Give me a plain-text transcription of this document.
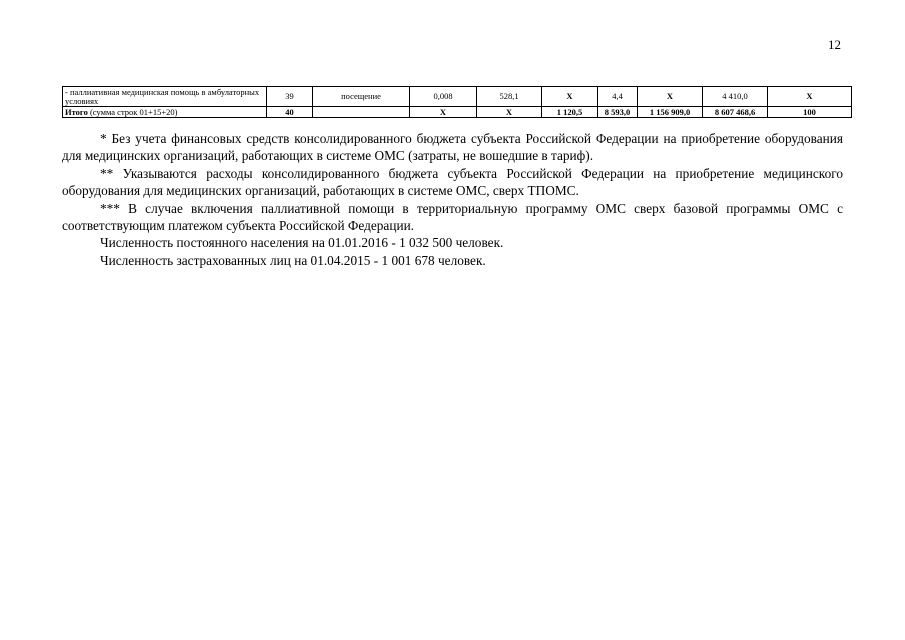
12
- паллиативная медицинская помощь в амбулаторных условиях	39	посещение	0,008	528,1	X	4,4	X	4 410,0	X
Итого (сумма строк 01+15+20)	40		X	X	1 120,5	8 593,0	1 156 909,0	8 607 468,6	100

* Без учета финансовых средств консолидированного бюджета субъекта Российской Федерации на приобретение оборудования для медицинских организаций, работающих в системе ОМС (затраты, не вошедшие в тариф).

** Указываются расходы консолидированного бюджета субъекта Российской Федерации на приобретение медицинского оборудования для медицинских организаций, работающих в системе ОМС, сверх ТПОМС.

*** В случае включения паллиативной помощи в территориальную программу ОМС сверх базовой программы ОМС с соответствующим платежом субъекта Российской Федерации.

Численность постоянного населения на 01.01.2016 - 1 032 500 человек.

Численность застрахованных лиц на 01.04.2015 - 1 001 678 человек.
